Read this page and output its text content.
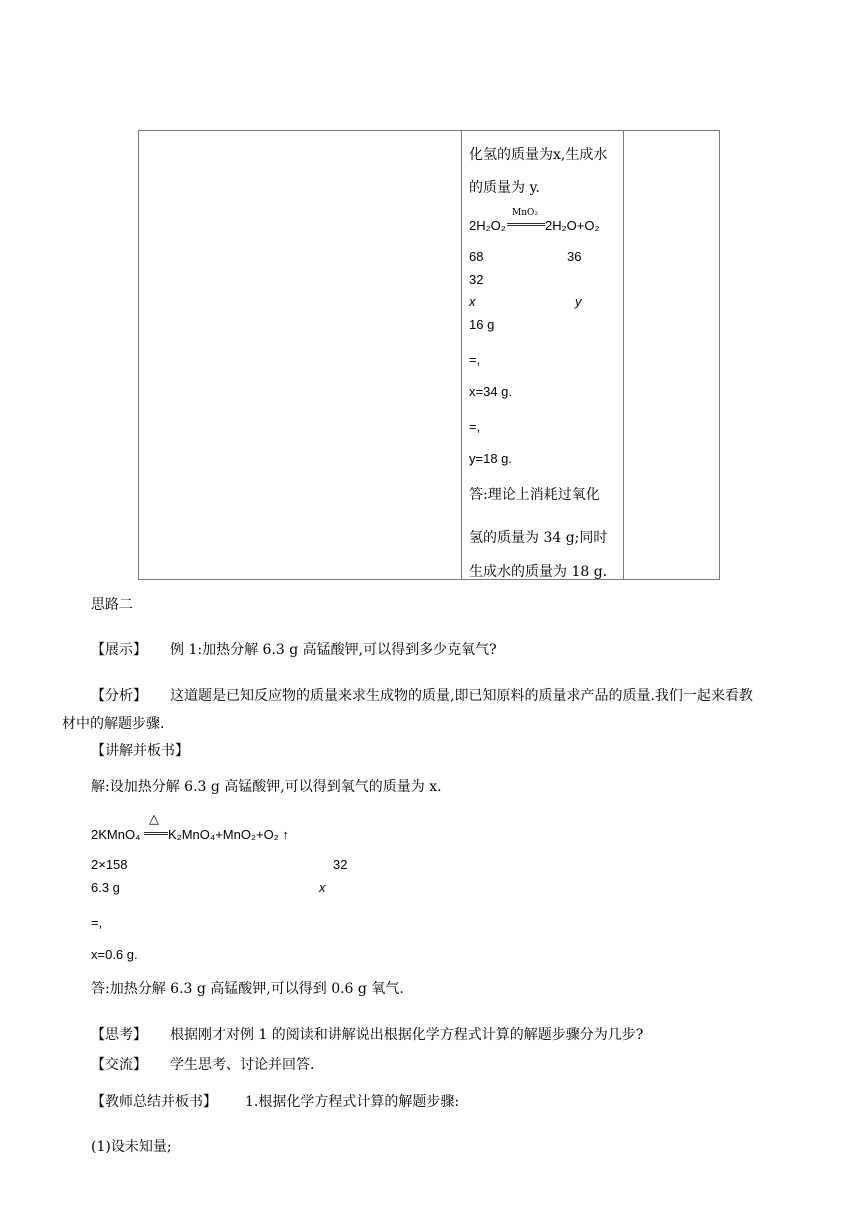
化氢的质量为x,生成水
的质量为 y.
2H₂O₂
MnO₂
2H₂O+O₂
68	36
32
x	y
16 g
=,
x=34 g.
=,
y=18 g.
答:理论上消耗过氧化
氢的质量为 34 g;同时
生成水的质量为 18 g.
思路二
【展示】 例 1:加热分解 6.3 g 高锰酸钾,可以得到多少克氧气?
【分析】 这道题是已知反应物的质量来求生成物的质量,即已知原料的质量求产品的质量.我们一起来看教
材中的解题步骤.
【讲解并板书】
解:设加热分解 6.3 g 高锰酸钾,可以得到氧气的质量为 x.
2KMnO₄
△
K₂MnO₄+MnO₂+O₂ ↑
2×158	32
6.3 g	x
=,
x=0.6 g.
答:加热分解 6.3 g 高锰酸钾,可以得到 0.6 g 氧气.
【思考】 根据刚才对例 1 的阅读和讲解说出根据化学方程式计算的解题步骤分为几步?
【交流】 学生思考、讨论并回答.
【教师总结并板书】 1.根据化学方程式计算的解题步骤:
(1)设未知量;
